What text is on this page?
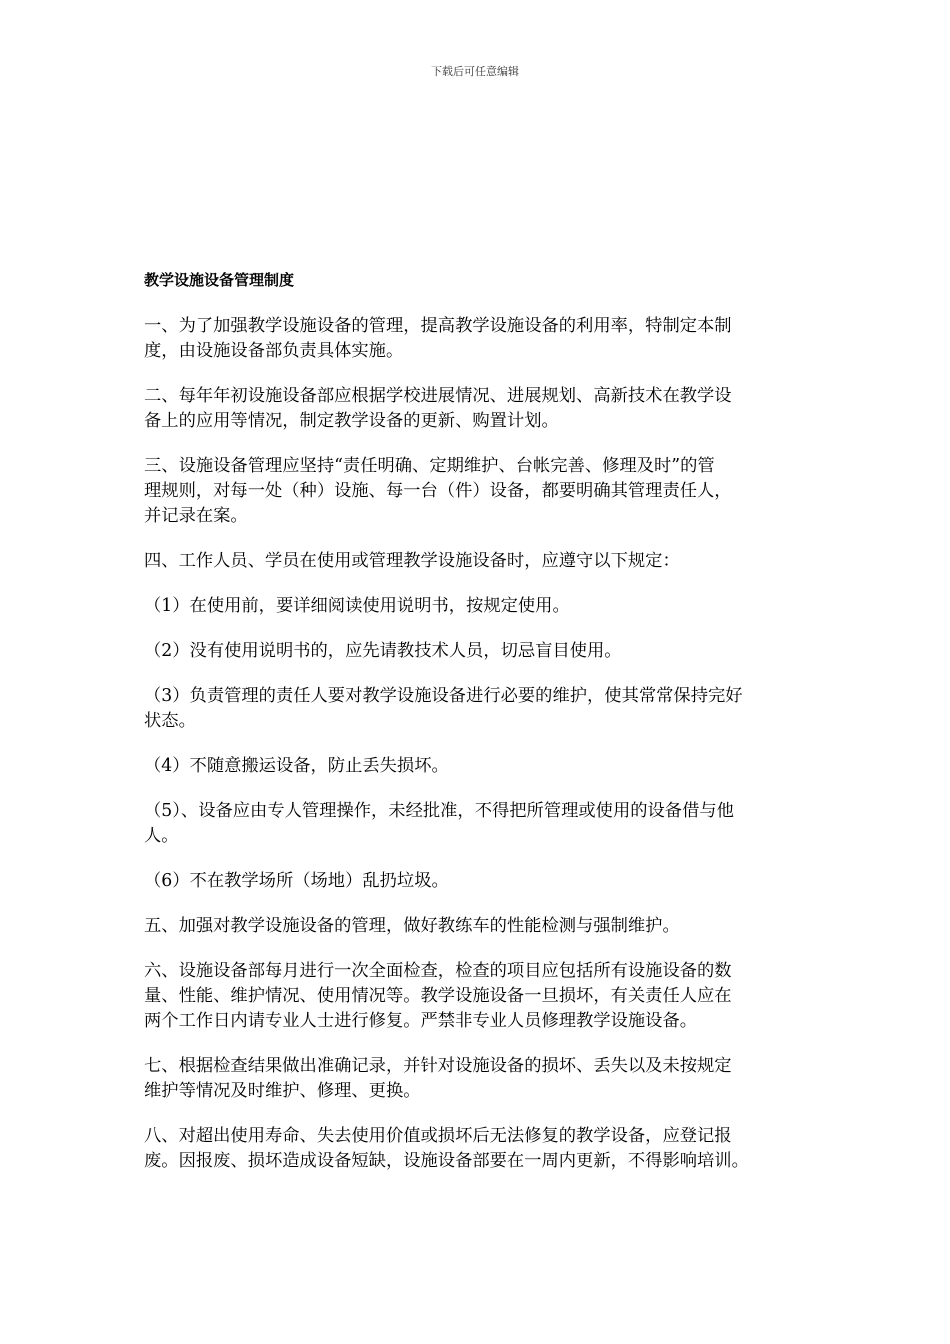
下载后可任意编辑
教学设施设备管理制度

一、为了加强教学设施设备的管理，提高教学设施设备的利用率，特制定本制
度，由设施设备部负责具体实施。

二、每年年初设施设备部应根据学校进展情况、进展规划、高新技术在教学设
备上的应用等情况，制定教学设备的更新、购置计划。

三、设施设备管理应坚持“责任明确、定期维护、台帐完善、修理及时”的管
理规则，对每一处（种）设施、每一台（件）设备，都要明确其管理责任人，
并记录在案。

四、工作人员、学员在使用或管理教学设施设备时，应遵守以下规定：

（1）在使用前，要详细阅读使用说明书，按规定使用。

（2）没有使用说明书的，应先请教技术人员，切忌盲目使用。

（3）负责管理的责任人要对教学设施设备进行必要的维护，使其常常保持完好
状态。

（4）不随意搬运设备，防止丢失损坏。

（5）、设备应由专人管理操作，未经批准，不得把所管理或使用的设备借与他
人。

（6）不在教学场所（场地）乱扔垃圾。

五、加强对教学设施设备的管理，做好教练车的性能检测与强制维护。

六、设施设备部每月进行一次全面检查，检查的项目应包括所有设施设备的数
量、性能、维护情况、使用情况等。教学设施设备一旦损坏，有关责任人应在
两个工作日内请专业人士进行修复。严禁非专业人员修理教学设施设备。

七、根据检查结果做出准确记录，并针对设施设备的损坏、丢失以及未按规定
维护等情况及时维护、修理、更换。

八、对超出使用寿命、失去使用价值或损坏后无法修复的教学设备，应登记报
废。因报废、损坏造成设备短缺，设施设备部要在一周内更新，不得影响培训。
